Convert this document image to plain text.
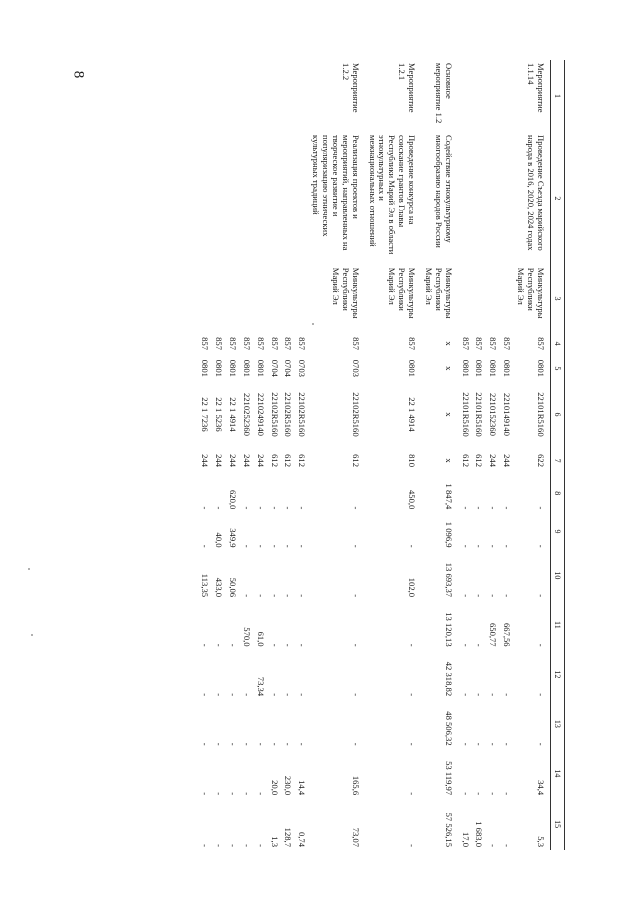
8
1	2	3	4	5	6	7	8	9	10	11	12	13	14	15
Мероприятие 1.1.14	Проведение Съезда марийского народа в 2016, 2020, 2024 годах	Минкультуры Республики Марий Эл	857	0801	22101R5160	622	-	-	-	-	-	-	34,4	5,3
			857	0801	2210149140	244	-	-	-	667,56	-	-	-	-
			857	0801	2210152360	244	-	-	-	650,77	-	-	-	-
			857	0801	22101R5160	612	-	-	-	-	-	-	-	1 683,0
			857	0801	22101R5160	612	-	-	-	-	-	-	-	17,0
Основное мероприятие 1.2	Содействие этнокультурному многообразию народов России	Минкультуры Республики Марий Эл	х	х	х	х	1 847,4	1 096,9	13 693,37	13 120,13	42 318,82	48 506,32	53 119,97	57 526,15
Мероприятие 1.2.1	Проведение конкурса на соискание грантов Главы Республики Марий Эл в области этнокультурных и межнациональных отношений	Минкультуры Республики Марий Эл	857	0801	22 1 4914	810	450,0	-	102,0	-	-	-	-	-
Мероприятие 1.2.2	Реализация проектов и мероприятий, направленных на творческое развитие и популяризацию этнических культурных традиций	Минкультуры Республики Марий Эл	857	0703	22102R5160	612	-	-	-	-	-	-	165,6	73,07
			857	0703	22102R5160	612	-	-	-	-	-	-	14,4	0,74
			857	0704	22102R5160	612	-	-	-	-	-	-	230,0	128,7
			857	0704	22102R5160	612	-	-	-	-	-	-	20,0	1,3
			857	0801	2210249140	244	-	-	-	61,0	73,34	-	-	-
			857	0801	2210252360	244	-	-	-	570,0	-	-	-	-
			857	0801	22 1 4914	244	620,0	349,9	50,06	-	-	-	-	-
			857	0801	22 1 5236	244	-	40,0	433,0	-	-	-	-	-
			857	0801	22 1 7236	244	-	-	113,35	-	-	-	-	-
